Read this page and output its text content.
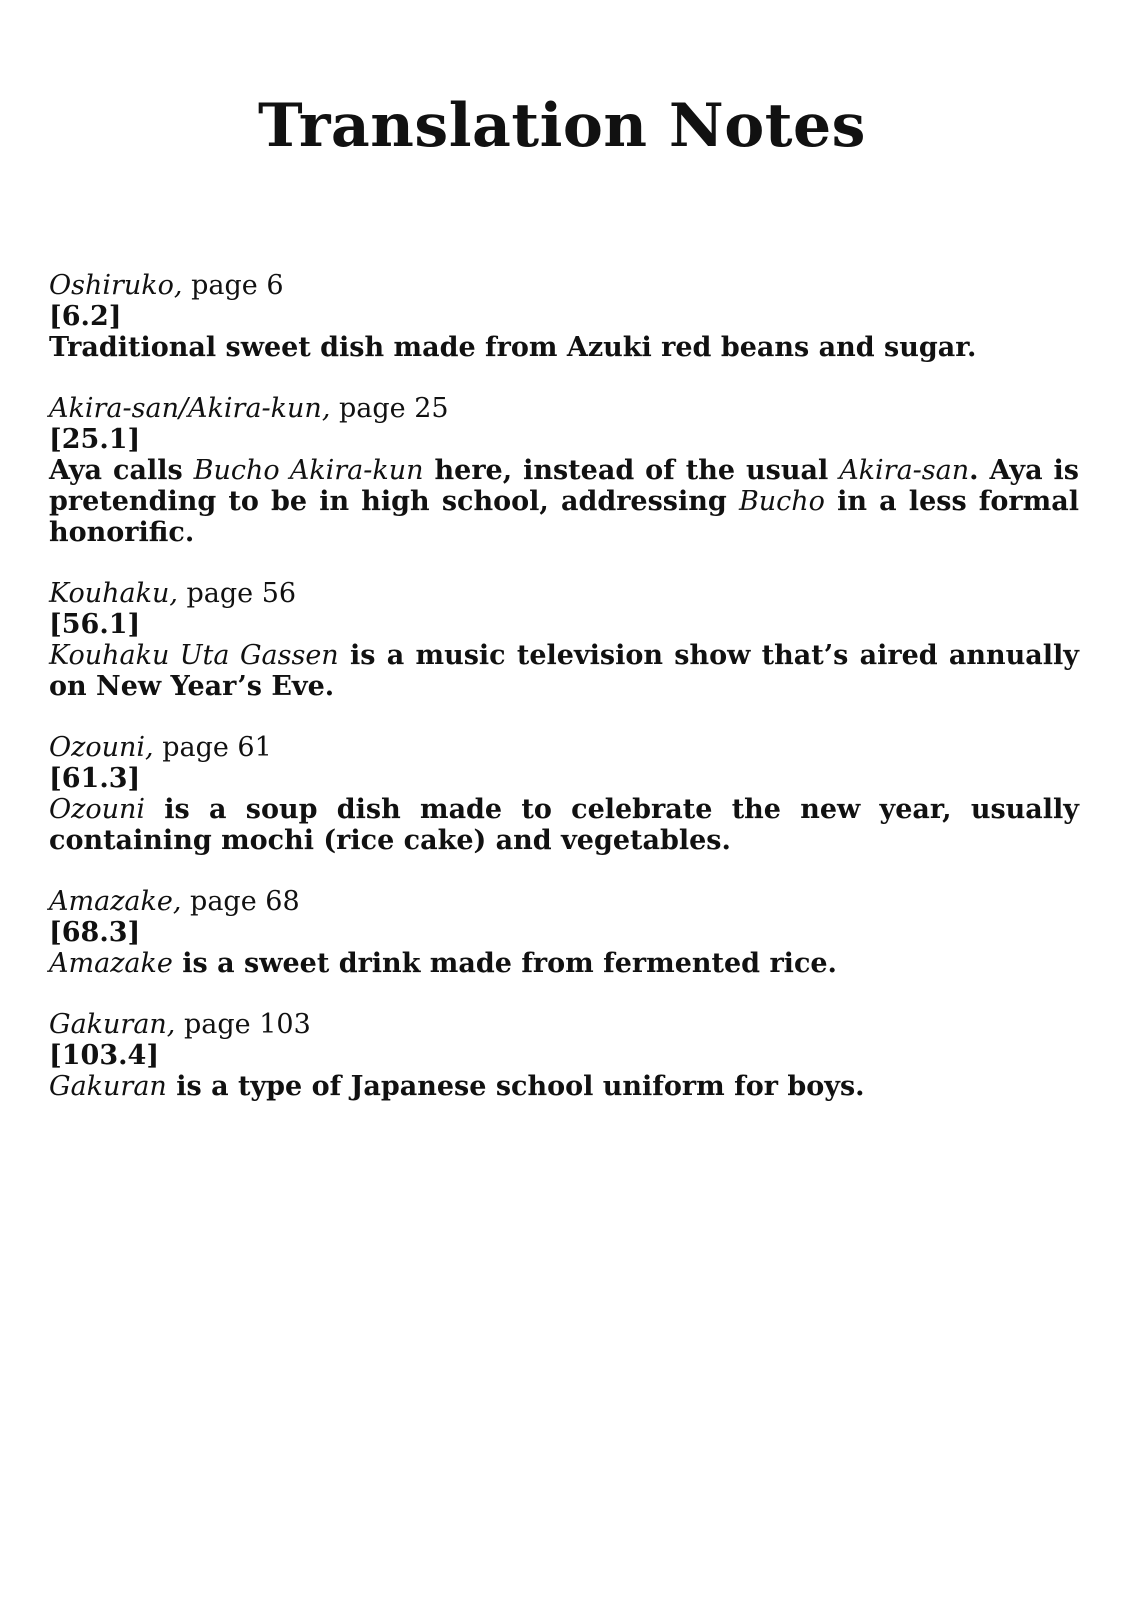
Translation Notes

Oshiruko, page 6

[6.2]

Traditional sweet dish made from Azuki red beans and sugar.

Akira-san/Akira-kun, page 25

[25.1]

Aya calls Bucho Akira-kun here, instead of the usual Akira-san. Aya is pretending to be in high school, addressing Bucho in a less formal honorific.

Kouhaku, page 56

[56.1]

Kouhaku Uta Gassen is a music television show that’s aired annually on New Year’s Eve.

Ozouni, page 61

[61.3]

Ozouni is a soup dish made to celebrate the new year, usually containing mochi (rice cake) and vegetables.

Amazake, page 68

[68.3]

Amazake is a sweet drink made from fermented rice.

Gakuran, page 103

[103.4]

Gakuran is a type of Japanese school uniform for boys.
